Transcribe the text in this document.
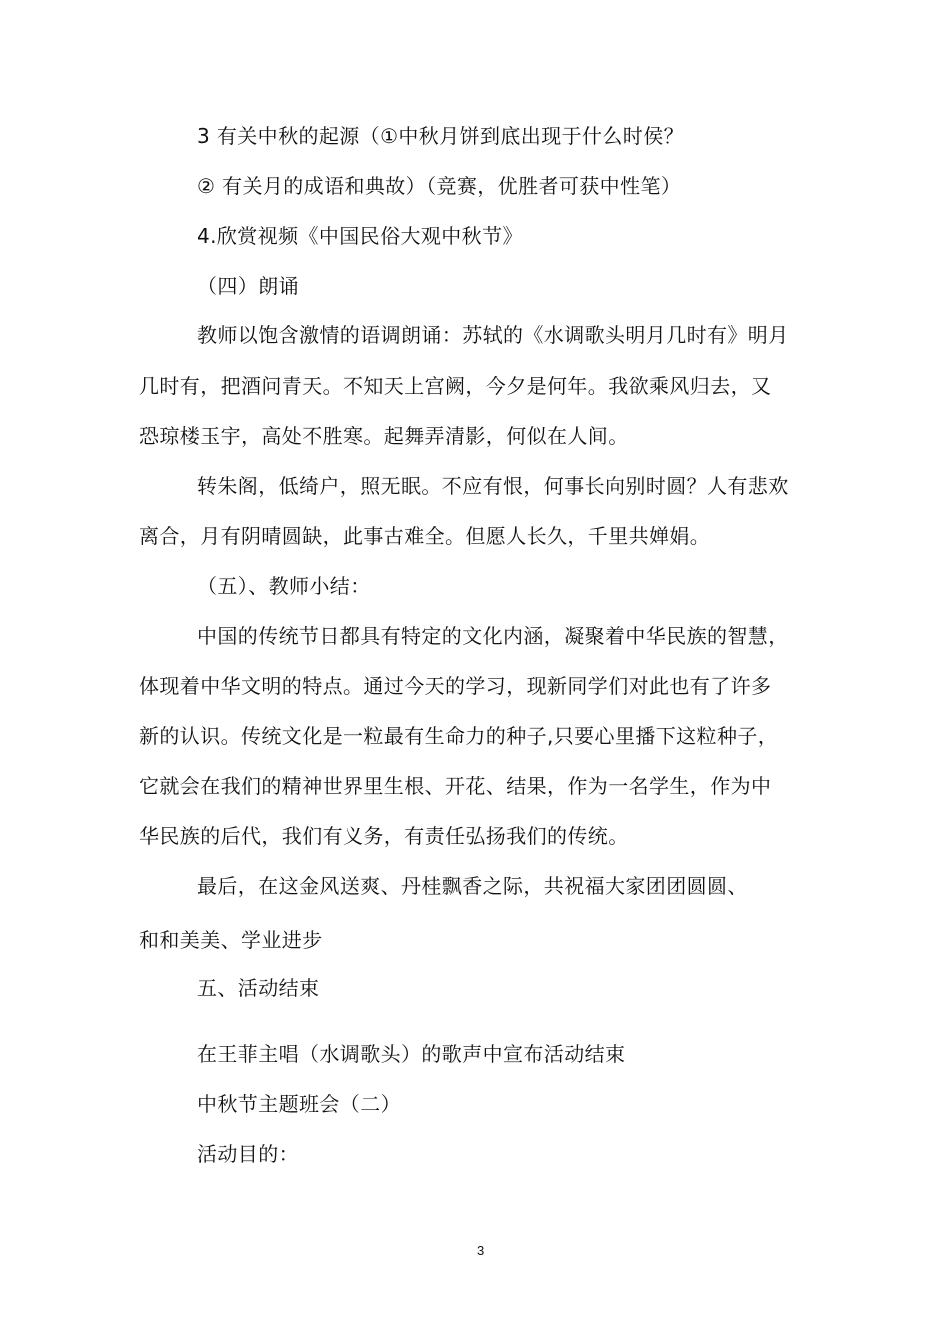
3 有关中秋的起源（①中秋月饼到底出现于什么时侯？
② 有关月的成语和典故）（竞赛，优胜者可获中性笔）
4.欣赏视频《中国民俗大观中秋节》
（四）朗诵
教师以饱含激情的语调朗诵：苏轼的《水调歌头明月几时有》明月
几时有，把酒问青天。不知天上宫阙，今夕是何年。我欲乘风归去，又
恐琼楼玉宇，高处不胜寒。起舞弄清影，何似在人间。
转朱阁，低绮户，照无眠。不应有恨，何事长向别时圆？人有悲欢
离合，月有阴晴圆缺，此事古难全。但愿人长久，千里共婵娟。
（五）、教师小结：
中国的传统节日都具有特定的文化内涵，凝聚着中华民族的智慧，
体现着中华文明的特点。通过今天的学习，现新同学们对此也有了许多
新的认识。传统文化是一粒最有生命力的种子,只要心里播下这粒种子，
它就会在我们的精神世界里生根、开花、结果，作为一名学生，作为中
华民族的后代，我们有义务，有责任弘扬我们的传统。
最后，在这金风送爽、丹桂飘香之际，共祝福大家团团圆圆、
和和美美、学业进步
五、活动结束
在王菲主唱（水调歌头）的歌声中宣布活动结束
中秋节主题班会（二）
活动目的：
3
